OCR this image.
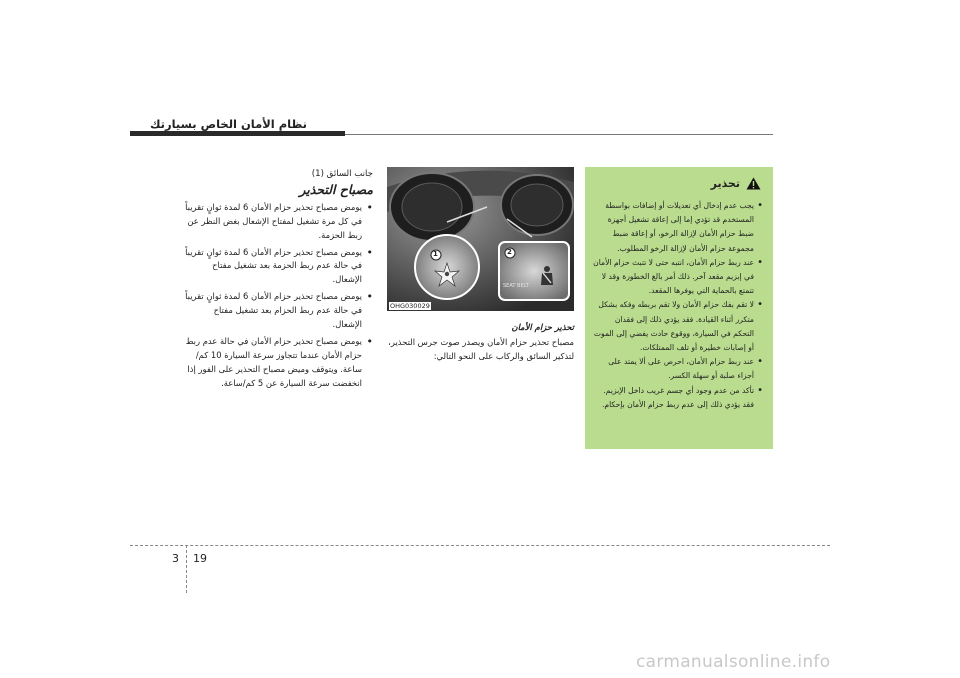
نظام الأمان الخاص بسيارتك
تحذير
• يجب عدم إدخال أي تعديلات أو إضافات بواسطة المستخدم قد تؤدي إما إلى إعاقة تشغيل أجهزة ضبط حزام الأمان لإزالة الرخو، أو إعاقة ضبط مجموعة حزام الأمان لإزالة الرخو المطلوب.
• عند ربط حزام الأمان، انتبه حتى لا تتبث حزام الأمان في إبزيم مقعد آخر. ذلك أمر بالغ الخطورة وقد لا تتمتع بالحماية التي يوفرها المقعد.
• لا تقم بفك حزام الأمان ولا تقم بربطه وفكه بشكل متكرر أثناء القيادة. فقد يؤدي ذلك إلى فقدان التحكم في السيارة، ووقوع حادث يفضي إلى الموت أو إصابات خطيرة أو تلف الممتلكات.
• عند ربط حزام الأمان، احرص على ألا يمتد على أجزاء صلبة أو سهلة الكسر.
• تأكد من عدم وجود أي جسم غريب داخل الإبزيم. فقد يؤدي ذلك إلى عدم ربط حزام الأمان بإحكام.
1	2
SEAT BELT
OHG030029
تحذير حزام الأمان
مصباح تحذير حزام الأمان ويصدر صوت جرس التحذير، لتذكير السائق والركاب على النحو التالي:
جانب السائق (1)
مصباح التحذير
• يومض مصباح تحذير حزام الأمان 6 لمدة ثوانٍ تقريباً في كل مرة تشغيل لمفتاح الإشعال بغض النظر عن ربط الحزمة.
• يومض مصباح تحذير حزام الأمان 6 لمدة ثوانٍ تقريباً في حالة عدم ربط الحزمة بعد تشغيل مفتاح الإشعال.
• يومض مصباح تحذير حزام الأمان 6 لمدة ثوانٍ تقريباً في حالة عدم ربط الحزام بعد تشغيل مفتاح الإشعال.
• يومض مصباح تحذير حزام الأمان في حالة عدم ربط حزام الأمان عندما تتجاوز سرعة السيارة 10 كم/ساعة. ويتوقف وميض مصباح التحذير على الفور إذا انخفضت سرعة السيارة عن 5 كم/ساعة.
3 19
carmanualsonline.info
